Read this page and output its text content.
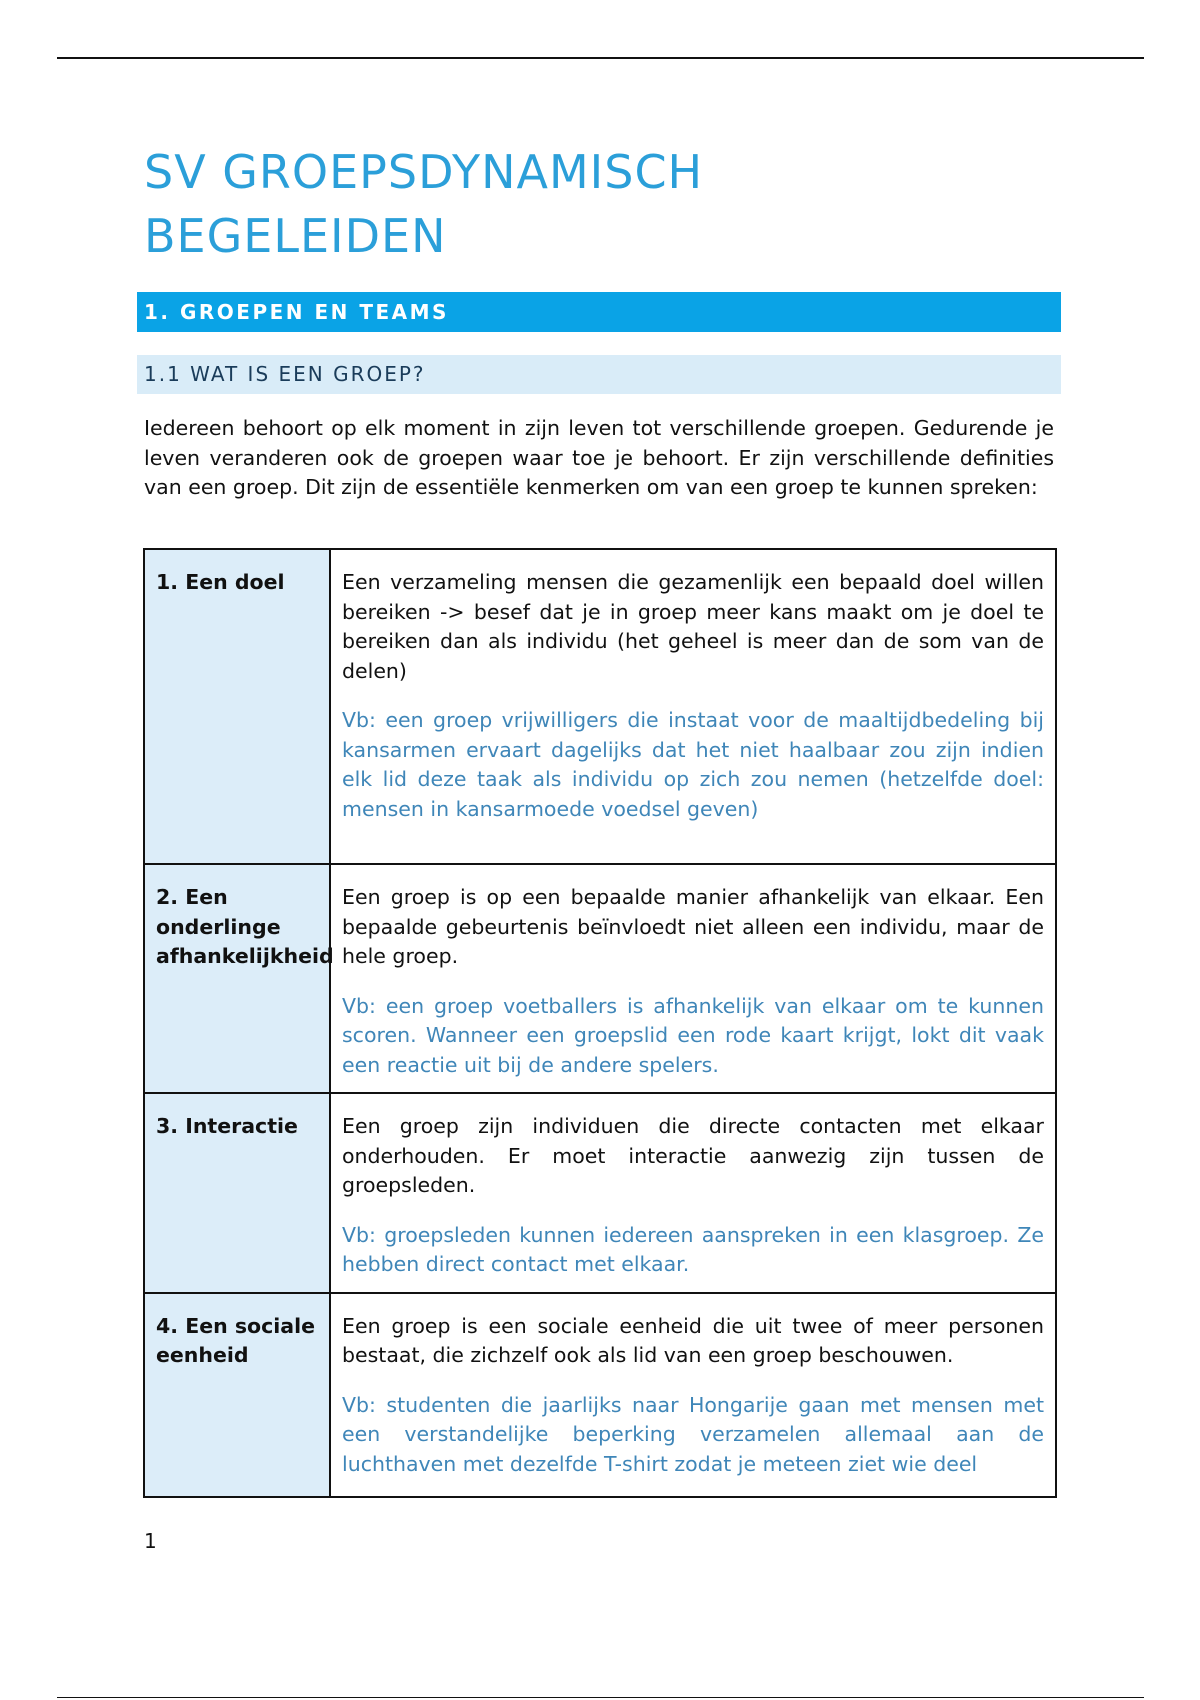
SV GROEPSDYNAMISCH
BEGELEIDEN
1. GROEPEN EN TEAMS
1.1 WAT IS EEN GROEP?

Iedereen behoort op elk moment in zijn leven tot verschillende groepen. Gedurende je leven veranderen ook de groepen waar toe je behoort. Er zijn verschillende definities van een groep. Dit zijn de essentiële kenmerken om van een groep te kunnen spreken:

1. Een doel	Een verzameling mensen die gezamenlijk een bepaald doel willen bereiken -> besef dat je in groep meer kans maakt om je doel te bereiken dan als individu (het geheel is meer dan de som van de delen)

Vb: een groep vrijwilligers die instaat voor de maaltijdbedeling bij kansarmen ervaart dagelijks dat het niet haalbaar zou zijn indien elk lid deze taak als individu op zich zou nemen (hetzelfde doel: mensen in kansarmoede voedsel geven)

2. Een onderlinge afhankelijkheid	Een groep is op een bepaalde manier afhankelijk van elkaar. Een bepaalde gebeurtenis beïnvloedt niet alleen een individu, maar de hele groep.

Vb: een groep voetballers is afhankelijk van elkaar om te kunnen scoren. Wanneer een groepslid een rode kaart krijgt, lokt dit vaak een reactie uit bij de andere spelers.

3. Interactie	Een groep zijn individuen die directe contacten met elkaar onderhouden. Er moet interactie aanwezig zijn tussen de groepsleden.

Vb: groepsleden kunnen iedereen aanspreken in een klasgroep. Ze hebben direct contact met elkaar.

4. Een sociale eenheid	Een groep is een sociale eenheid die uit twee of meer personen bestaat, die zichzelf ook als lid van een groep beschouwen.

Vb: studenten die jaarlijks naar Hongarije gaan met mensen met een verstandelijke beperking verzamelen allemaal aan de luchthaven met dezelfde T-shirt zodat je meteen ziet wie deel

1
